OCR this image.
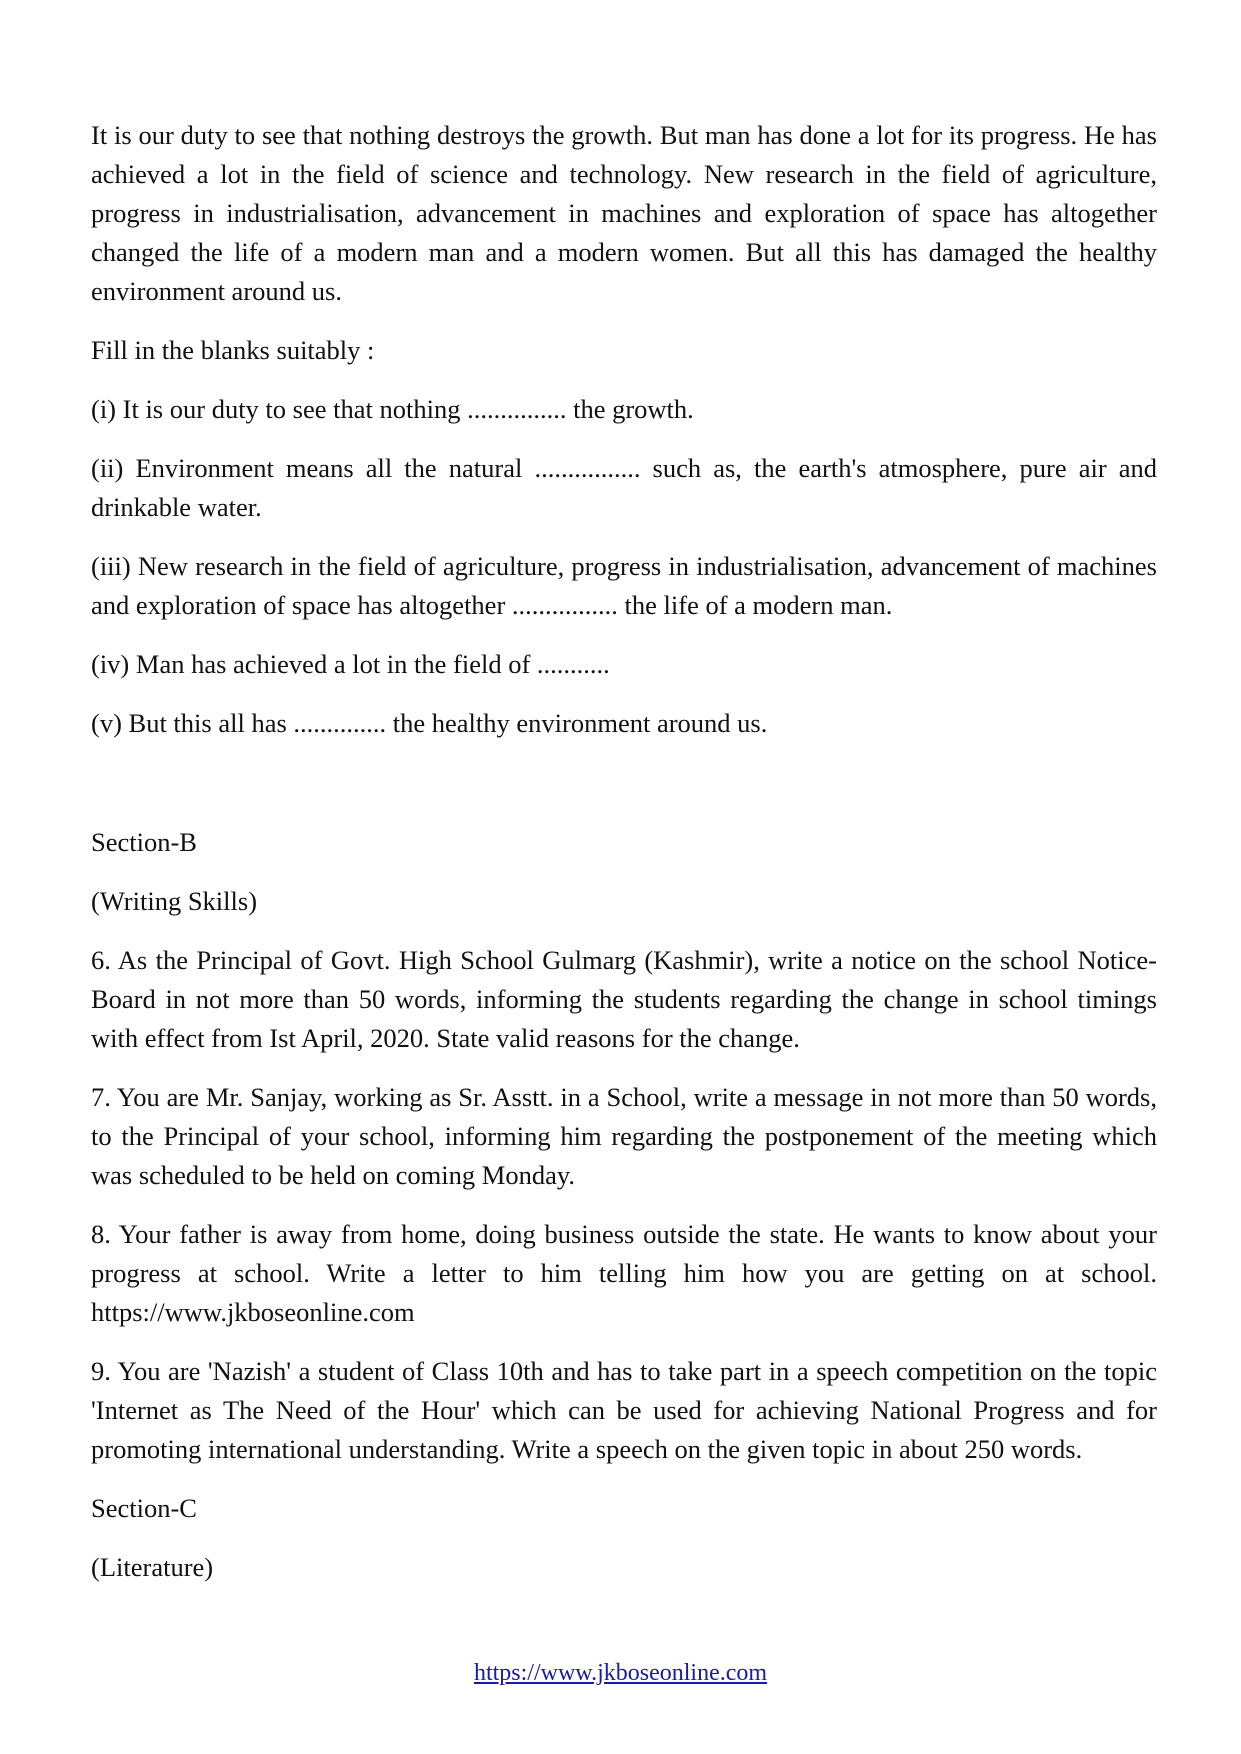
It is our duty to see that nothing destroys the growth. But man has done a lot for its progress. He has achieved a lot in the field of science and technology. New research in the field of agriculture, progress in industrialisation, advancement in machines and exploration of space has altogether changed the life of a modern man and a modern women. But all this has damaged the healthy environment around us.

Fill in the blanks suitably :

(i) It is our duty to see that nothing ............... the growth.

(ii) Environment means all the natural ................ such as, the earth's atmosphere, pure air and drinkable water.

(iii) New research in the field of agriculture, progress in industrialisation, advancement of machines and exploration of space has altogether ................ the life of a modern man.

(iv) Man has achieved a lot in the field of ...........

(v) But this all has .............. the healthy environment around us.

Section-B

(Writing Skills)

6. As the Principal of Govt. High School Gulmarg (Kashmir), write a notice on the school Notice-Board in not more than 50 words, informing the students regarding the change in school timings with effect from Ist April, 2020. State valid reasons for the change.

7. You are Mr. Sanjay, working as Sr. Asstt. in a School, write a message in not more than 50 words, to the Principal of your school, informing him regarding the postponement of the meeting which was scheduled to be held on coming Monday.

8. Your father is away from home, doing business outside the state. He wants to know about your progress at school. Write a letter to him telling him how you are getting on at school. https://www.jkboseonline.com

9. You are 'Nazish' a student of Class 10th and has to take part in a speech competition on the topic 'Internet as The Need of the Hour' which can be used for achieving National Progress and for promoting international understanding. Write a speech on the given topic in about 250 words.

Section-C

(Literature)

https://www.jkboseonline.com
